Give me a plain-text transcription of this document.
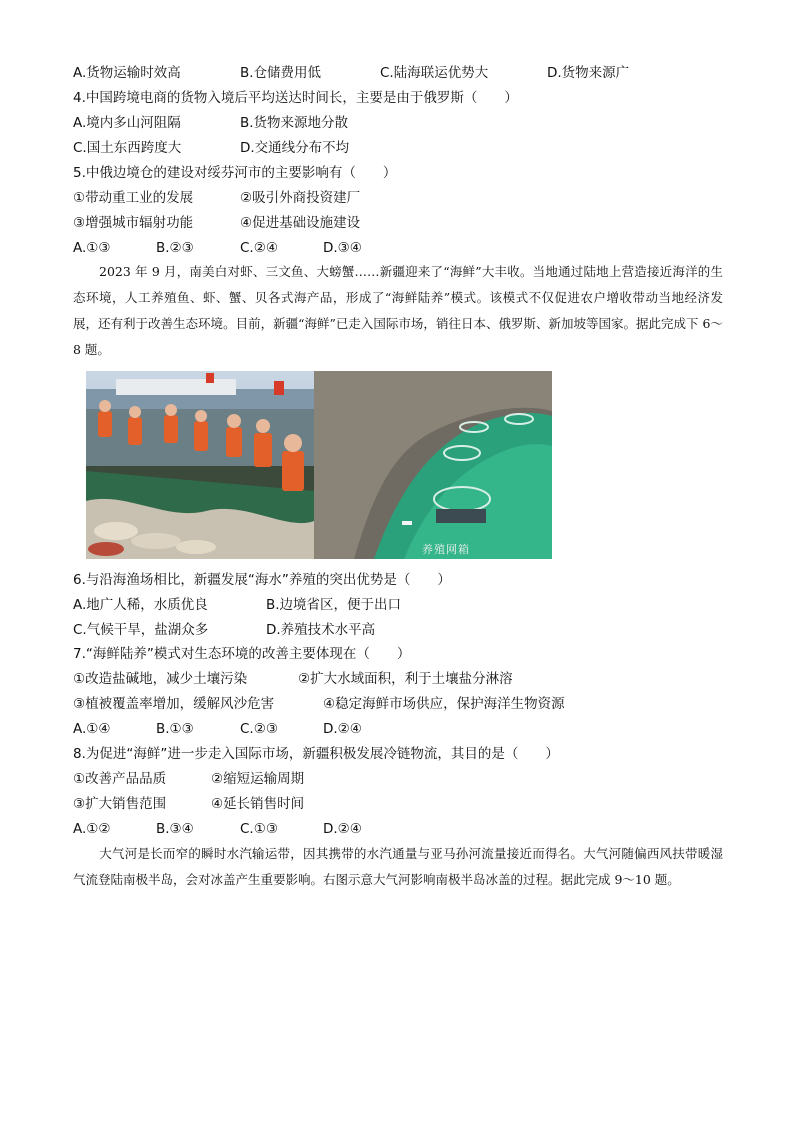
A.货物运输时效高	B.仓储费用低	C.陆海联运优势大	D.货物来源广
4.中国跨境电商的货物入境后平均送达时间长，主要是由于俄罗斯（　　）
A.境内多山河阻隔	B.货物来源地分散
C.国土东西跨度大	D.交通线分布不均
5.中俄边境仓的建设对绥芬河市的主要影响有（　　）
①带动重工业的发展	②吸引外商投资建厂
③增强城市辐射功能	④促进基础设施建设
A.①③	B.②③	C.②④	D.③④
2023 年 9 月，南美白对虾、三文鱼、大螃蟹……新疆迎来了“海鲜”大丰收。当地通过陆地上营造接近海洋的生态环境，人工养殖鱼、虾、蟹、贝各式海产品，形成了“海鲜陆养”模式。该模式不仅促进农户增收带动当地经济发展，还有利于改善生态环境。目前，新疆“海鲜”已走入国际市场，销往日本、俄罗斯、新加坡等国家。据此完成下 6～8 题。
养殖网箱
6.与沿海渔场相比，新疆发展“海水”养殖的突出优势是（　　）
A.地广人稀，水质优良	B.边境省区，便于出口
C.气候干旱，盐湖众多	D.养殖技术水平高
7.“海鲜陆养”模式对生态环境的改善主要体现在（　　）
①改造盐碱地，减少土壤污染	②扩大水域面积，利于土壤盐分淋溶
③植被覆盖率增加，缓解风沙危害	④稳定海鲜市场供应，保护海洋生物资源
A.①④	B.①③	C.②③	D.②④
8.为促进“海鲜”进一步走入国际市场，新疆积极发展冷链物流，其目的是（　　）
①改善产品品质	②缩短运输周期
③扩大销售范围	④延长销售时间
A.①②	B.③④	C.①③	D.②④
大气河是长而窄的瞬时水汽输运带，因其携带的水汽通量与亚马孙河流量接近而得名。大气河随偏西风扶带暖湿气流登陆南极半岛，会对冰盖产生重要影响。右图示意大气河影响南极半岛冰盖的过程。据此完成 9～10 题。
